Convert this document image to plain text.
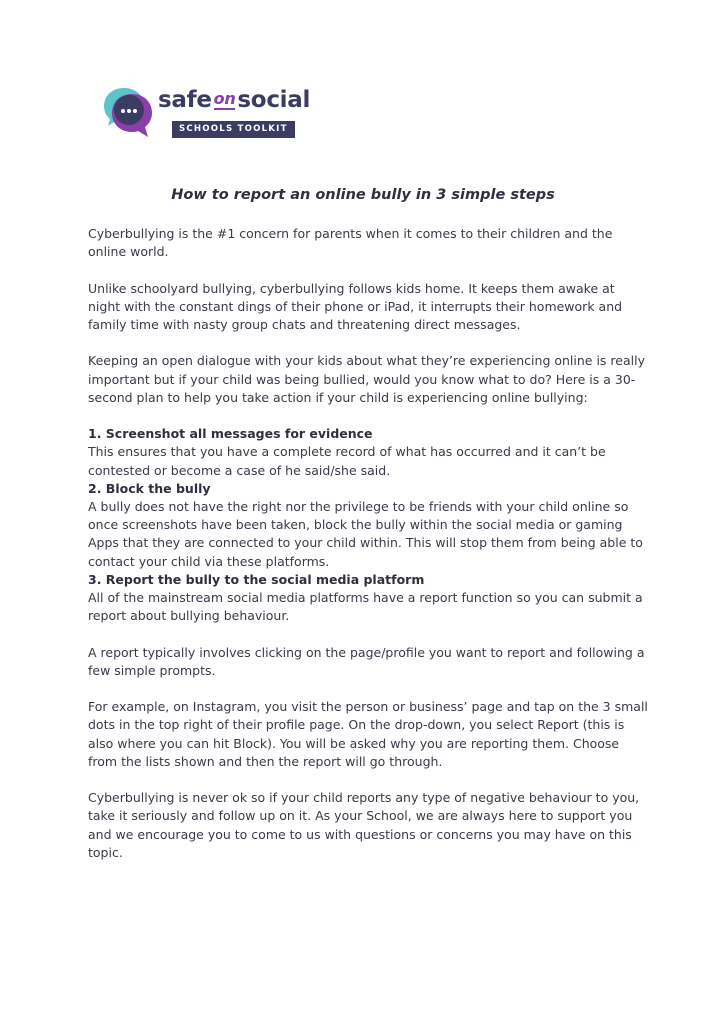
safe onsocial
SCHOOLS TOOLKIT
How to report an online bully in 3 simple steps

Cyberbullying is the #1 concern for parents when it comes to their children and the online world.

Unlike schoolyard bullying, cyberbullying follows kids home. It keeps them awake at night with the constant dings of their phone or iPad, it interrupts their homework and family time with nasty group chats and threatening direct messages.

Keeping an open dialogue with your kids about what they’re experiencing online is really important but if your child was being bullied, would you know what to do? Here is a 30-second plan to help you take action if your child is experiencing online bullying:

1. Screenshot all messages for evidence
This ensures that you have a complete record of what has occurred and it can’t be contested or become a case of he said/she said.
2. Block the bully
A bully does not have the right nor the privilege to be friends with your child online so once screenshots have been taken, block the bully within the social media or gaming Apps that they are connected to your child within. This will stop them from being able to contact your child via these platforms.
3. Report the bully to the social media platform
All of the mainstream social media platforms have a report function so you can submit a report about bullying behaviour.

A report typically involves clicking on the page/profile you want to report and following a few simple prompts.

For example, on Instagram, you visit the person or business’ page and tap on the 3 small dots in the top right of their profile page. On the drop-down, you select Report (this is also where you can hit Block). You will be asked why you are reporting them. Choose from the lists shown and then the report will go through.

Cyberbullying is never ok so if your child reports any type of negative behaviour to you, take it seriously and follow up on it. As your School, we are always here to support you and we encourage you to come to us with questions or concerns you may have on this topic.
